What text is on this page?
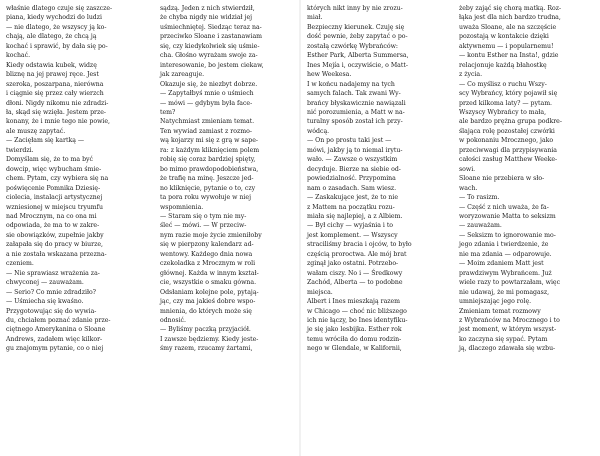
właśnie dlatego czuje się zaszcze-

piana, kiedy wychodzi do ludzi

— nie dlatego, że wszyscy ją ko-

chają, ale dlatego, że chcą ją

kochać i sprawić, by dała się po-

kochać.

Kiedy odstawia kubek, widzę

bliznę na jej prawej ręce. Jest

szeroka, poszarpana, nierówna

i ciągnie się przez cały wierzch

dłoni. Nigdy nikomu nie zdradzi-

ła, skąd się wzięła. Jestem prze-

konany, że i mnie tego nie powie,

ale muszę zapytać.

— Zacięłam się kartką —

twierdzi.

Domyślam się, że to ma być

dowcip, więc wybucham śmie-

chem. Pytam, czy wybiera się na

poświęcenie Pomnika Dziesię-

ciolecia, instalacji artystycznej

wzniesionej w miejscu tryumfu

nad Mrocznym, na co ona mi

odpowiada, że ma to w zakre-

sie obowiązków, zupełnie jakby

załapała się do pracy w biurze,

a nie została wskazana przezna-

czeniem.

— Nie sprawiasz wrażenia za-

chwyconej — zauważam.

— Serio? Co mnie zdradziło?

— Uśmiecha się kwaśno.

Przygotowując się do wywia-

du, chciałem poznać zdanie prze-

ciętnego Amerykanina o Sloane

Andrews, zadałem więc kilkor-

gu znajomym pytanie, co o niej

sądzą. Jeden z nich stwierdził,

że chyba nigdy nie widział jej

uśmiechniętej. Siedząc teraz na-

przeciwko Sloane i zastanawiam

się, czy kiedykolwiek się uśmie-

cha. Głośno wyrażam swoje za-

interesowanie, bo jestem ciekaw,

jak zareaguje.

Okazuje się, że niezbyt dobrze.

— Zapytałbyś mnie o uśmiech

— mówi — gdybym była face-

tem?

Natychmiast zmieniam temat.

Ten wywiad zamiast z rozmo-

wą kojarzy mi się z grą w sape-

ra: z każdym kliknięciem polem

robię się coraz bardziej spięty,

bo mimo prawdopodobieństwa,

że trafię na minę. Jeszcze jed-

no kliknięcie, pytanie o to, czy

ta pora roku wywołuje w niej

wspomnienia.

— Staram się o tym nie my-

śleć — mówi. — W przeciw-

nym razie moje życie zmieniłoby

się w pierpzony kalendarz ad-

wentowy. Każdego dnia nowa

czekoladka z Mrocznym w roli

głównej. Każda w innym kształ-

cie, wszystkie o smaku gówna.

Odsłaniam kolejne pole, pytają-

jąc, czy ma jakieś dobre wspo-

mnienia, do których może się

odnosić.

— Byliśmy paczką przyjaciół.

I zawsze będziemy. Kiedy jeste-

śmy razem, rzucamy żartami,

których nikt inny by nie zrozu-

miał.

Bezpieczny kierunek. Czuję się

dość pewnie, żeby zapytać o po-

zostałą czwórkę Wybrańców:

Esther Park, Alberta Summersa,

Ines Mejía i, oczywiście, o Matt-

hew Weekesa.

I w końcu nadajemy na tych

samych falach. Tak zwani Wy-

brańcy błyskawicznie nawiązali

nić porozumienia, a Matt w na-

turalny sposób został ich przy-

wódcą.

— On po prostu taki jest —

mówi, jakby ją to niemal irytu-

wało. — Zawsze o wszystkim

decyduje. Bierze na siebie od-

powiedzialność. Przypomina

nam o zasadach. Sam wiesz.

— Zaskakujące jest, że to nie

z Mattem na początku rozu-

miała się najlepiej, a z Albiem.

— Był cichy — wyjaśnia i to

jest komplement. — Wszyscy

straciliśmy bracia i ojców, to było

częścią proroctwa. Ale mój brat

zginął jako ostatni. Potrzebo-

wałam ciszy. No i — Średkowy

Zachód, Alberta — to podobne

miejsca.

Albert i Ines mieszkają razem

w Chicago — choć nic bliższego

ich nie łączy, bo Ines identyfiku-

je się jako lesbijka. Esther rok

temu wróciła do domu rodzin-

nego w Glendale, w Kalifornii,

żeby zająć się chorą matką. Roz-

łąka jest dla nich bardzo trudna,

uważa Sloane, ale na szczęście

pozostają w kontakcie dzięki

aktywnemu — i popularnemu!

— kontu Esther na Insta!, gdzie

relacjonuje każdą błahostkę

z życia.

— Co myślisz o ruchu Wszy-

scy Wybrańcy, który pojawił się

przed kilkoma laty? — pytam.

Wszyscy Wybrańcy to mała,

ale bardzo prężna grupa podkre-

ślająca rolę pozostałej czwórki

w pokonaniu Mrocznego, jako

przeciwwagi dla przypisywania

całości zasług Matthew Weeke-

sowi.

Sloane nie przebiera w sło-

wach.

— To rasizm.

— Część z nich uważa, że fa-

woryzowanie Matta to seksizm

— zauważam.

— Seksizm to ignorowanie mo-

jego zdania i twierdzenie, że

nie ma zdania — odparowuje.

— Moim zdaniem Matt jest

prawdziwym Wybrańcem. Już

wiele razy to powtarzałam, więc

nie udawaj, że mi pomagasz,

umniejszając jego rolę.

Zmieniam temat rozmowy

z Wybrańców na Mrocznego i to

jest moment, w którym wszyst-

ko zaczyna się sypać. Pytam

ją, dlaczego zdawała się wzbu-
